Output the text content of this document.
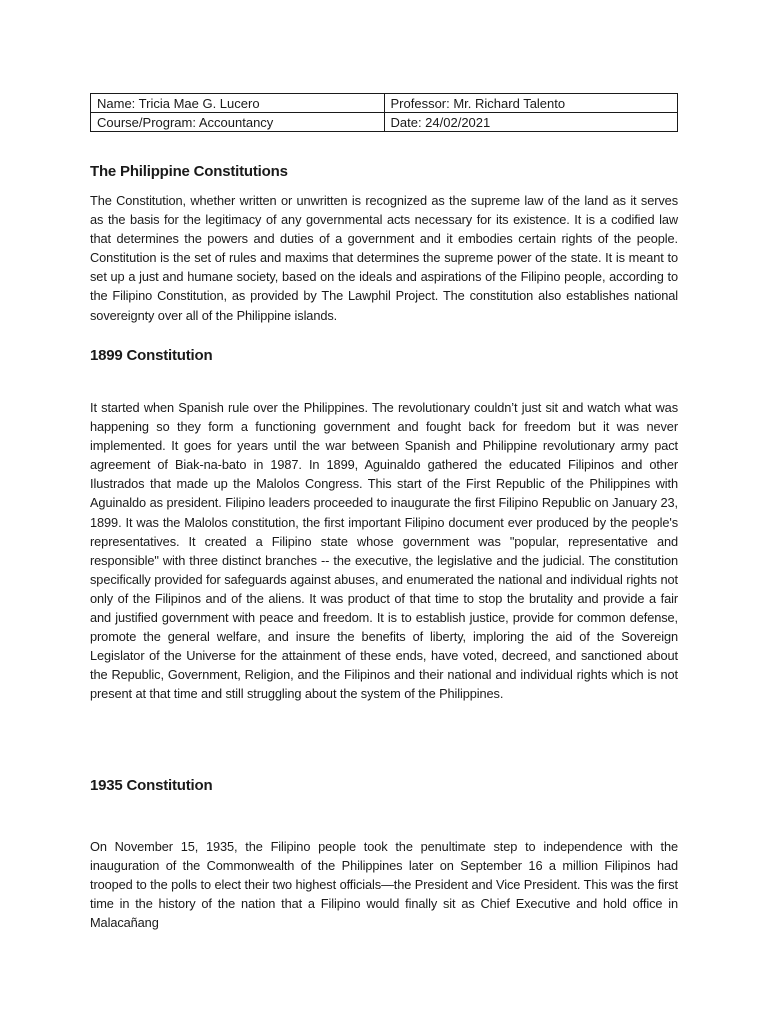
Name: Tricia Mae G. Lucero	Professor: Mr. Richard Talento
Course/Program: Accountancy	Date: 24/02/2021
The Philippine Constitutions

The Constitution, whether written or unwritten is recognized as the supreme law of the land as it serves as the basis for the legitimacy of any governmental acts necessary for its existence. It is a codified law that determines the powers and duties of a government and it embodies certain rights of the people. Constitution is the set of rules and maxims that determines the supreme power of the state. It is meant to set up a just and humane society, based on the ideals and aspirations of the Filipino people, according to the Filipino Constitution, as provided by The Lawphil Project. The constitution also establishes national sovereignty over all of the Philippine islands.

1899 Constitution

It started when Spanish rule over the Philippines. The revolutionary couldn’t just sit and watch what was happening so they form a functioning government and fought back for freedom but it was never implemented. It goes for years until the war between Spanish and Philippine revolutionary army pact agreement of Biak-na-bato in 1987. In 1899, Aguinaldo gathered the educated Filipinos and other Ilustrados that made up the Malolos Congress. This start of the First Republic of the Philippines with Aguinaldo as president. Filipino leaders proceeded to inaugurate the first Filipino Republic on January 23, 1899. It was the Malolos constitution, the first important Filipino document ever produced by the people's representatives. It created a Filipino state whose government was "popular, representative and responsible" with three distinct branches -- the executive, the legislative and the judicial. The constitution specifically provided for safeguards against abuses, and enumerated the national and individual rights not only of the Filipinos and of the aliens. It was product of that time to stop the brutality and provide a fair and justified government with peace and freedom. It is to establish justice, provide for common defense, promote the general welfare, and insure the benefits of liberty, imploring the aid of the Sovereign Legislator of the Universe for the attainment of these ends, have voted, decreed, and sanctioned about the Republic, Government, Religion, and the Filipinos and their national and individual rights which is not present at that time and still struggling about the system of the Philippines.

1935 Constitution

On November 15, 1935, the Filipino people took the penultimate step to independence with the inauguration of the Commonwealth of the Philippines later on September 16 a million Filipinos had trooped to the polls to elect their two highest officials—the President and Vice President. This was the first time in the history of the nation that a Filipino would finally sit as Chief Executive and hold office in Malacañang
